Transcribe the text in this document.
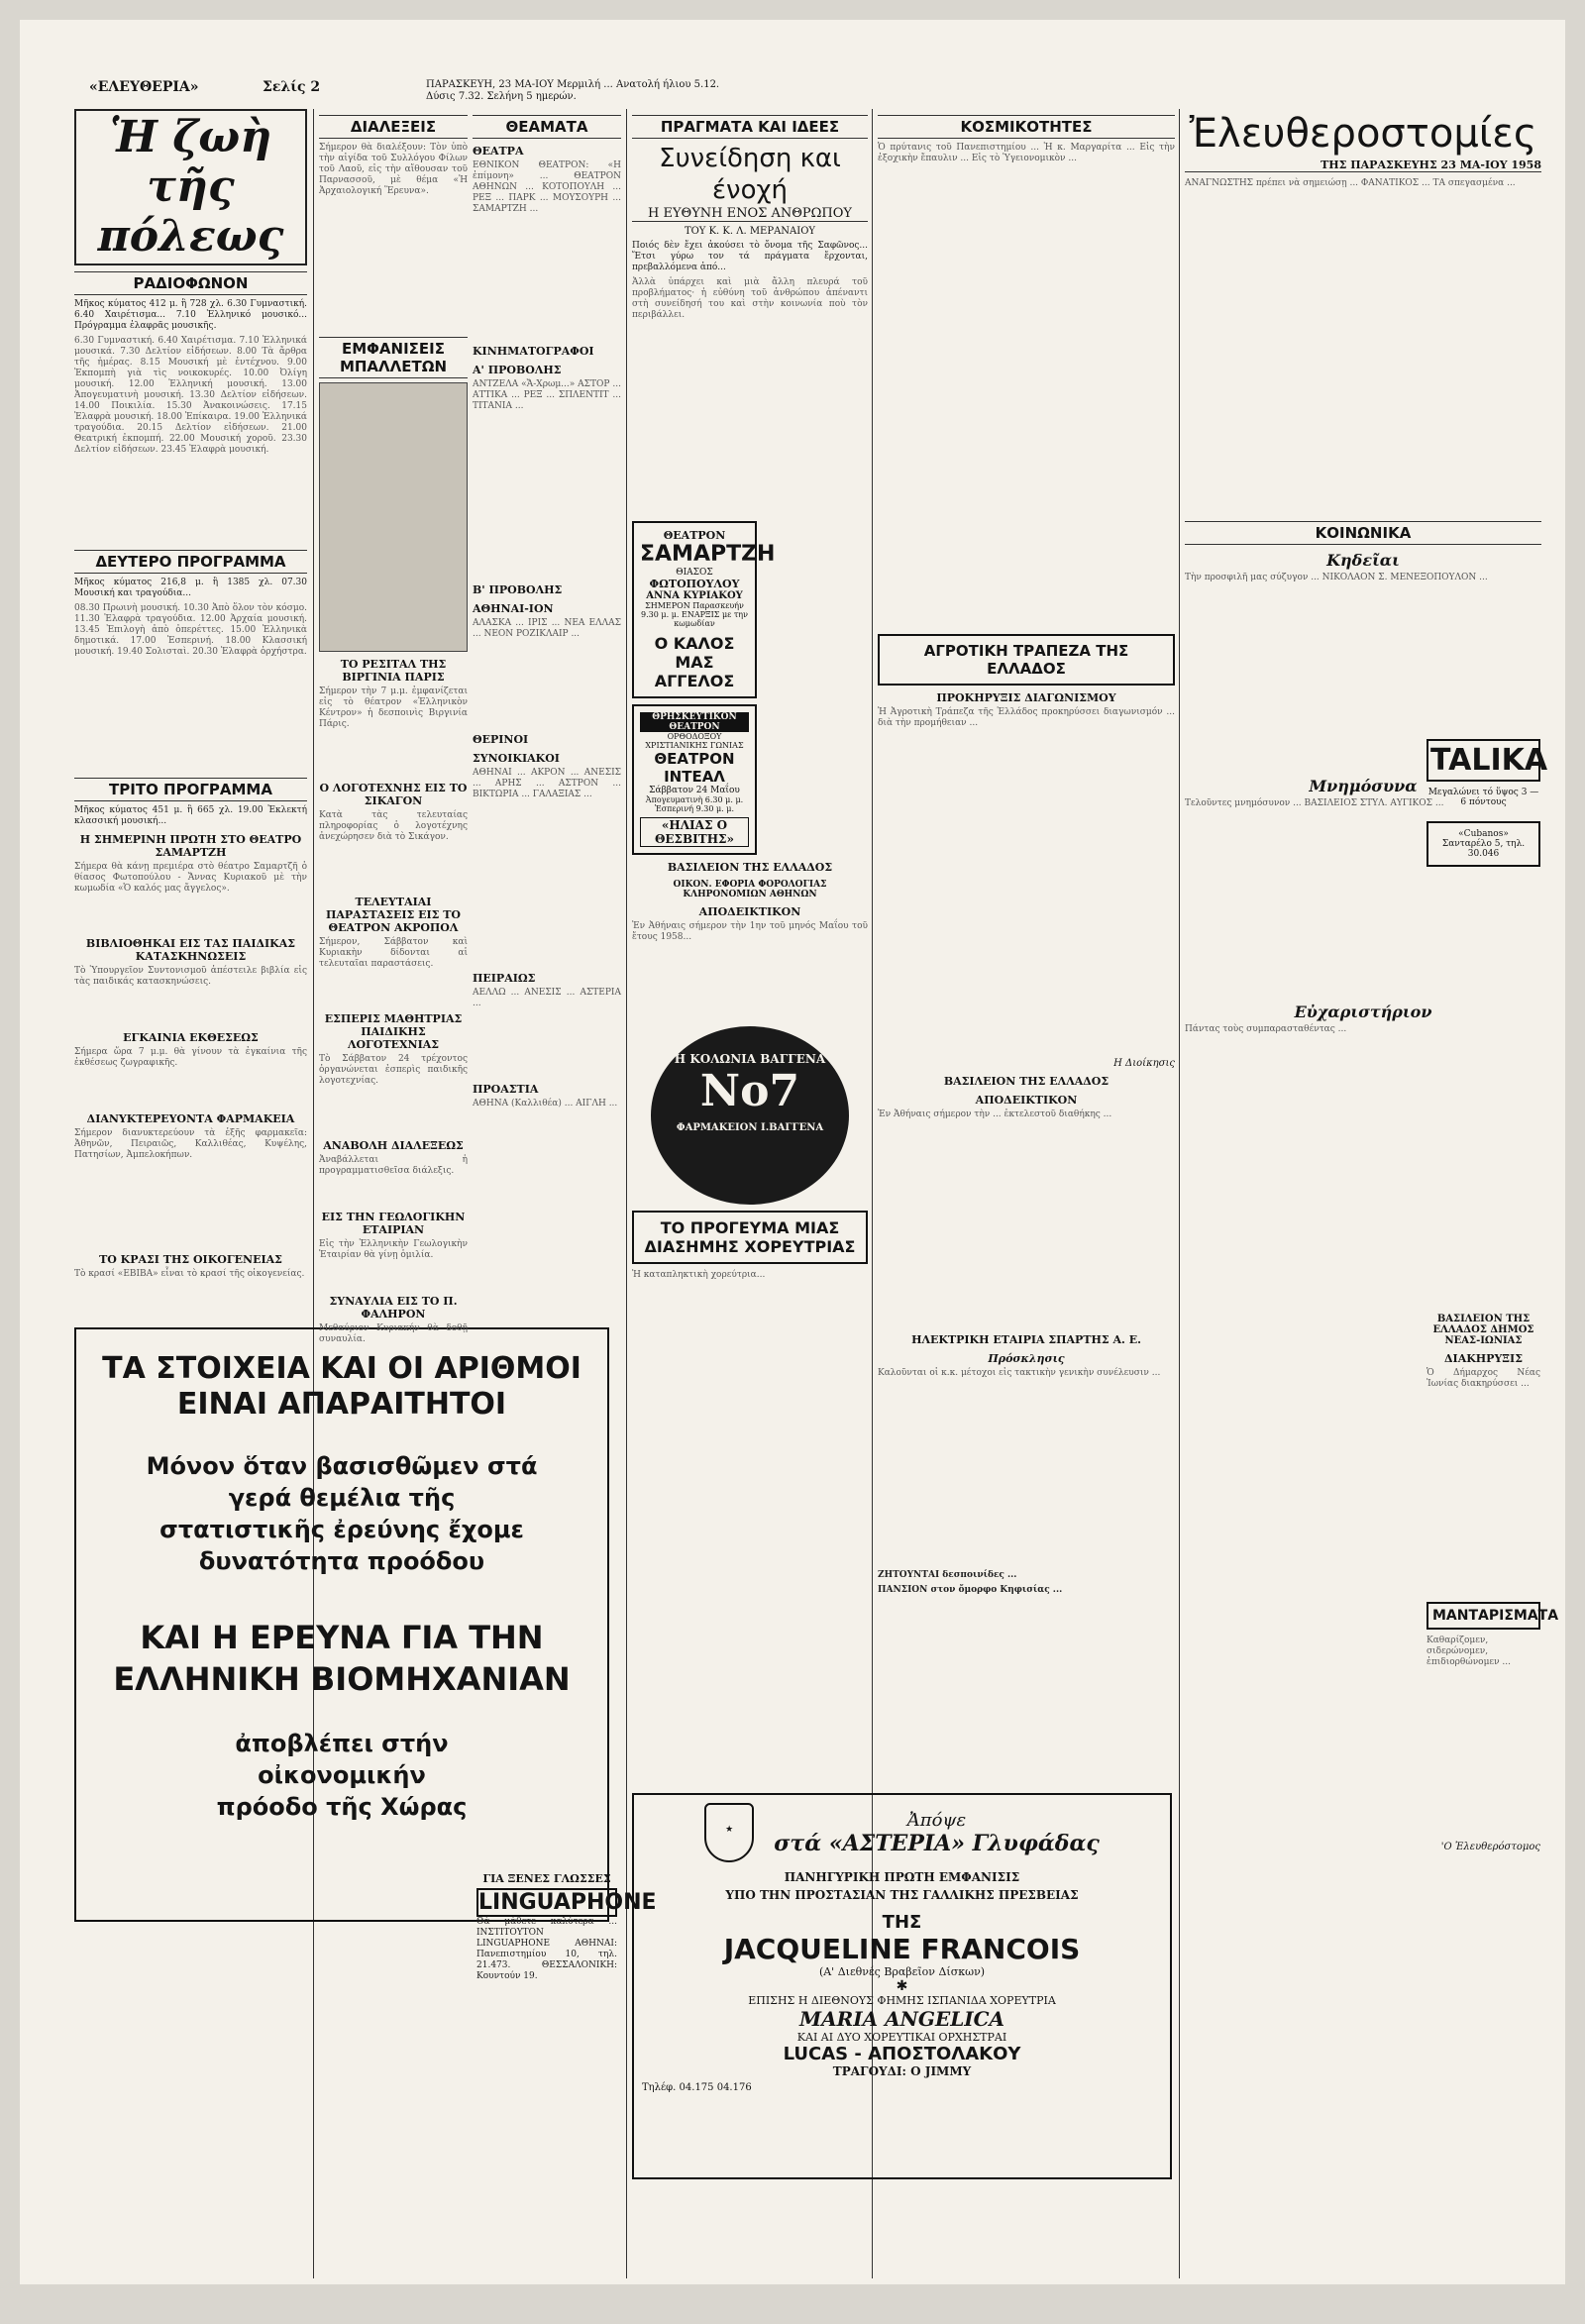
«ΕΛΕΥΘΕΡΙΑ»	Σελίς 2	ΠΑΡΑΣΚΕΥΗ, 23 ΜΑ-ΙΟΥ Μερμιλή ... Ανατολή ήλιου 5.12. Δύσις 7.32. Σελήνη 5 ημερών.
Ἡ ζωὴ τῆς πόλεως
ΡΑΔΙΟΦΩΝΟΝ

Μῆκος κύματος 412 μ. ἢ 728 χλ. 6.30 Γυμναστική. 6.40 Χαιρέτισμα... 7.10 Ἑλληνικό μουσικό... Πρόγραμμα ἐλαφρᾶς μουσικῆς.

6.30 Γυμναστική. 6.40 Χαιρέτισμα. 7.10 Ἑλληνικά μουσικά. 7.30 Δελτίον εἰδήσεων. 8.00 Τὰ ἄρθρα τῆς ἡμέρας. 8.15 Μουσική μὲ ἐντέχνου. 9.00 Ἐκπομπὴ γιὰ τὶς νοικοκυρές. 10.00 Ὀλίγη μουσική. 12.00 Ἑλληνική μουσική. 13.00 Ἀπογευματινὴ μουσική. 13.30 Δελτίον εἰδήσεων. 14.00 Ποικιλία. 15.30 Ἀνακοινώσεις. 17.15 Ἐλαφρὰ μουσική. 18.00 Ἐπίκαιρα. 19.00 Ἑλληνικά τραγούδια. 20.15 Δελτίον εἰδήσεων. 21.00 Θεατρική ἐκπομπή. 22.00 Μουσική χοροῦ. 23.30 Δελτίον εἰδήσεων. 23.45 Ἐλαφρὰ μουσική.

ΔΕΥΤΕΡΟ ΠΡΟΓΡΑΜΜΑ

Μῆκος κύματος 216,8 μ. ἢ 1385 χλ. 07.30 Μουσική και τραγούδια...

08.30 Πρωινὴ μουσική. 10.30 Ἀπὸ ὅλον τὸν κόσμο. 11.30 Ἐλαφρὰ τραγούδια. 12.00 Ἀρχαία μουσική. 13.45 Ἐπιλογὴ ἀπὸ ὀπερέττες. 15.00 Ἑλληνικὰ δημοτικά. 17.00 Ἐσπερινή. 18.00 Κλασσική μουσική. 19.40 Σολισταὶ. 20.30 Ἐλαφρὰ ὀρχήστρα.

ΤΡΙΤΟ ΠΡΟΓΡΑΜΜΑ

Μῆκος κύματος 451 μ. ἢ 665 χλ. 19.00 Ἐκλεκτή κλασσική μουσική...

Η ΣΗΜΕΡΙΝΗ ΠΡΩΤΗ ΣΤΟ ΘΕΑΤΡΟ ΣΑΜΑΡΤΖΗ

Σήμερα θὰ κάνῃ πρεμιέρα στὸ θέατρο Σαμαρτζῆ ὁ θίασος Φωτοπούλου - Ἄννας Κυριακοῦ μὲ τὴν κωμωδία «Ὁ καλός μας ἄγγελος».

ΒΙΒΛΙΟΘΗΚΑΙ ΕΙΣ ΤΑΣ ΠΑΙΔΙΚΑΣ ΚΑΤΑΣΚΗΝΩΣΕΙΣ

Τὸ Ὑπουργεῖον Συντονισμοῦ ἀπέστειλε βιβλία εἰς τὰς παιδικάς κατασκηνώσεις.

ΕΓΚΑΙΝΙΑ ΕΚΘΕΣΕΩΣ

Σήμερα ὥρα 7 μ.μ. θὰ γίνουν τὰ ἐγκαίνια τῆς ἐκθέσεως ζωγραφικῆς.

ΔΙΑΝΥΚΤΕΡΕΥΟΝΤΑ ΦΑΡΜΑΚΕΙΑ

Σήμερον διανυκτερεύουν τὰ ἑξῆς φαρμακεῖα: Ἀθηνῶν, Πειραιῶς, Καλλιθέας, Κυψέλης, Πατησίων, Ἀμπελοκήπων.

ΤΟ ΚΡΑΣΙ ΤΗΣ ΟΙΚΟΓΕΝΕΙΑΣ

Τὸ κρασί «ΕΒΙΒΑ» εἶναι τὸ κρασί τῆς οἰκογενείας.

ΤΑ ΣΤΟΙΧΕΙΑ ΚΑΙ ΟΙ ΑΡΙΘΜΟΙ
ΕΙΝΑΙ ΑΠΑΡΑΙΤΗΤΟΙ
Μόνον ὅταν βασισθῶμεν στά γερά θεμέλια τῆς στατιστικῆς ἐρεύνης ἔχομε δυνατότητα προόδου
ΚΑΙ Η ΕΡΕΥΝΑ ΓΙΑ ΤΗΝ
ΕΛΛΗΝΙΚΗ ΒΙΟΜΗΧΑΝΙΑΝ
ἀποβλέπει στήν οἰκονομικήν πρόοδο τῆς Χώρας
ΔΙΑΛΕΞΕΙΣ

Σήμερον θὰ διαλέξουν: Τὸν ὑπὸ τὴν αἰγίδα τοῦ Συλλόγου Φίλων τοῦ Λαοῦ, εἰς τὴν αἴθουσαν τοῦ Παρνασσοῦ, μὲ θέμα «Ἡ Ἀρχαιολογική Ἕρευνα».

ΕΜΦΑΝΙΣΕΙΣ ΜΠΑΛΛΕΤΩΝ
ΤΟ ΡΕΣΙΤΑΛ ΤΗΣ ΒΙΡΓΙΝΙΑ ΠΑΡΙΣ

Σήμερον τὴν 7 μ.μ. ἐμφανίζεται εἰς τὸ θέατρον «Ἑλληνικὸν Κέντρον» ἡ δεσποινὶς Βιργινία Πάρις.

Ο ΛΟΓΟΤΕΧΝΗΣ ΕΙΣ ΤΟ ΣΙΚΑΓΟΝ

Κατὰ τὰς τελευταίας πληροφορίας ὁ λογοτέχνης ἀνεχώρησεν διὰ τὸ Σικάγον.

ΤΕΛΕΥΤΑΙΑΙ ΠΑΡΑΣΤΑΣΕΙΣ ΕΙΣ ΤΟ ΘΕΑΤΡΟΝ ΑΚΡΟΠΟΛ

Σήμερον, Σάββατον καὶ Κυριακὴν δίδονται αἱ τελευταῖαι παραστάσεις.

ΕΣΠΕΡΙΣ ΜΑΘΗΤΡΙΑΣ ΠΑΙΔΙΚΗΣ ΛΟΓΟΤΕΧΝΙΑΣ

Τὸ Σάββατον 24 τρέχοντος ὀργανώνεται ἐσπερὶς παιδικῆς λογοτεχνίας.

ΑΝΑΒΟΛΗ ΔΙΑΛΕΞΕΩΣ

Ἀναβάλλεται ἡ προγραμματισθεῖσα διάλεξις.

ΕΙΣ ΤΗΝ ΓΕΩΛΟΓΙΚΗΝ ΕΤΑΙΡΙΑΝ

Εἰς τὴν Ἑλληνικὴν Γεωλογικὴν Ἑταιρίαν θὰ γίνῃ ὁμιλία.

ΣΥΝΑΥΛΙΑ ΕΙΣ ΤΟ Π. ΦΑΛΗΡΟΝ

Μεθαύριον Κυριακήν θὰ δοθῇ συναυλία.

ΘΕΑΜΑΤΑ
ΘΕΑΤΡΑ

ΕΘΝΙΚΟΝ ΘΕΑΤΡΟΝ: «Η ἐπίμονη» ... ΘΕΑΤΡΟΝ ΑΘΗΝΩΝ ... ΚΟΤΟΠΟΥΛΗ ... ΡΕΞ ... ΠΑΡΚ ... ΜΟΥΣΟΥΡΗ ... ΣΑΜΑΡΤΖΗ ...

ΚΙΝΗΜΑΤΟΓΡΑΦΟΙ
Α' ΠΡΟΒΟΛΗΣ

ΑΝΤΖΕΛΑ «Ἄ-Χρωμ...» ΑΣΤΟΡ ... ΑΤΤΙΚΑ ... ΡΕΞ ... ΣΠΛΕΝΤΙΤ ... ΤΙΤΑΝΙΑ ...

Β' ΠΡΟΒΟΛΗΣ
ΑΘΗΝΑΙ-ΙΟΝ

ΑΛΑΣΚΑ ... ΙΡΙΣ ... ΝΕΑ ΕΛΛΑΣ ... ΝΕΟΝ ΡΟΖΙΚΛΑΙΡ ...

ΘΕΡΙΝΟΙ
ΣΥΝΟΙΚΙΑΚΟΙ

ΑΘΗΝΑΙ ... ΑΚΡΟΝ ... ΑΝΕΣΙΣ ... ΑΡΗΣ ... ΑΣΤΡΟΝ ... ΒΙΚΤΩΡΙΑ ... ΓΑΛΑΞΙΑΣ ...

ΠΕΙΡΑΙΩΣ

ΑΕΛΛΩ ... ΑΝΕΣΙΣ ... ΑΣΤΕΡΙΑ ...

ΠΡΟΑΣΤΙΑ

ΑΘΗΝΑ (Καλλιθέα) ... ΑΙΓΛΗ ...

ΓΙΑ ΞΕΝΕΣ ΓΛΩΣΣΕΣ
LINGUAPHONE

Θά μάθετε καλύτερα ... ΙΝΣΤΙΤΟΥΤΟΝ LINGUAPHONE ΑΘΗΝΑΙ: Πανεπιστημίου 10, τηλ. 21.473. ΘΕΣΣΑΛΟΝΙΚΗ: Κουντούν 19.

ΠΡΑΓΜΑΤΑ ΚΑΙ ΙΔΕΕΣ
Συνείδηση και ένοχή
Η ΕΥΘΥΝΗ ΕΝΟΣ ΑΝΘΡΩΠΟΥ
ΤΟΥ Κ. Κ. Λ. ΜΕΡΑΝΑΙΟΥ

Ποιός δὲν ἔχει ἀκούσει τὸ ὄνομα τῆς Σαφῶνος... Ἔτσι γύρω τον τά πράγματα ἔρχονται, πρεβαλλόμενα ἀπό...

Ἀλλὰ ὑπάρχει καὶ μιὰ ἄλλη πλευρά τοῦ προβλήματος· ἡ εὐθύνη τοῦ ἀνθρώπου ἀπέναντι στὴ συνείδησή του καὶ στὴν κοινωνία ποὺ τὸν περιβάλλει.

ΘΕΑΤΡΟΝ
ΣΑΜΑΡΤΖΗ
ΘΙΑΣΟΣ
ΦΩΤΟΠΟΥΛΟΥ
ΑΝΝΑ ΚΥΡΙΑΚΟΥ
ΣΗΜΕΡΟΝ Παρασκευήν 9.30 μ. μ. ΕΝΑΡΞΙΣ με την κωμωδίαν
Ο ΚΑΛΟΣ ΜΑΣ ΑΓΓΕΛΟΣ
ΘΡΗΣΚΕΥΤΙΚΟΝ ΘΕΑΤΡΟΝ
ΟΡΘΟΔΟΞΟΥ ΧΡΙΣΤΙΑΝΙΚΗΣ ΓΩΝΙΑΣ
ΘΕΑΤΡΟΝ ΙΝΤΕΑΛ
Σάββατον 24 Μαΐου
Ἀπογευματινὴ 6.30 μ. μ. Ἑσπερινή 9.30 μ. μ.
«ΗΛΙΑΣ Ο ΘΕΣΒΙΤΗΣ»
ΒΑΣΙΛΕΙΟΝ ΤΗΣ ΕΛΛΑΔΟΣ
ΟΙΚΟΝ. ΕΦΟΡΙΑ ΦΟΡΟΛΟΓΙΑΣ ΚΛΗΡΟΝΟΜΙΩΝ ΑΘΗΝΩΝ
ΑΠΟΔΕΙΚΤΙΚΟΝ

Ἐν Ἀθήναις σήμερον τὴν 1ην τοῦ μηνός Μαΐου τοῦ ἔτους 1958...

Η ΚΟΛΩΝΙΑ ΒΑΓΓΕΝΑ
Νο7
ΦΑΡΜΑΚΕΙΟΝ Ι.ΒΑΓΓΕΝΑ
ΤΟ ΠΡΟΓΕΥΜΑ ΜΙΑΣ ΔΙΑΣΗΜΗΣ ΧΟΡΕΥΤΡΙΑΣ

Ἡ καταπληκτικὴ χορεύτρια...

★	Ἀπόψε
στά «ΑΣΤΕΡΙΑ» Γλυφάδας
ΠΑΝΗΓΥΡΙΚΗ ΠΡΩΤΗ ΕΜΦΑΝΙΣΙΣ
ΥΠΟ ΤΗΝ ΠΡΟΣΤΑΣΙΑΝ ΤΗΣ ΓΑΛΛΙΚΗΣ ΠΡΕΣΒΕΙΑΣ
ΤΗΣ
JACQUELINE FRANCOIS
(Α' Διεθνές Βραβεῖον Δίσκων)
✱
ΕΠΙΣΗΣ Η ΔΙΕΘΝΟΥΣ ΦΗΜΗΣ ΙΣΠΑΝΙΔΑ ΧΟΡΕΥΤΡΙΑ
MARIA ANGELICA
ΚΑΙ ΑΙ ΔΥΟ ΧΟΡΕΥΤΙΚΑΙ ΟΡΧΗΣΤΡΑΙ
LUCAS - ΑΠΟΣΤΟΛΑΚΟΥ
ΤΡΑΓΟΥΔΙ: Ο JIMMY
Τηλέφ. 04.175 04.176
ΚΟΣΜΙΚΟΤΗΤΕΣ

Ὁ πρύτανις τοῦ Πανεπιστημίου ... Ἡ κ. Μαργαρίτα ... Εἰς τὴν ἐξοχικὴν ἔπαυλιν ... Εἰς τὸ Ὑγειονομικὸν ...

ΑΓΡΟΤΙΚΗ ΤΡΑΠΕΖΑ ΤΗΣ ΕΛΛΑΔΟΣ
ΠΡΟΚΗΡΥΞΙΣ ΔΙΑΓΩΝΙΣΜΟΥ

Ἡ Ἀγροτικὴ Τράπεζα τῆς Ἑλλάδος προκηρύσσει διαγωνισμόν ... διὰ τὴν προμήθειαν ...

Η Διοίκησις
ΒΑΣΙΛΕΙΟΝ ΤΗΣ ΕΛΛΑΔΟΣ
ΑΠΟΔΕΙΚΤΙΚΟΝ

Ἐν Ἀθήναις σήμερον τὴν ... ἐκτελεστοῦ διαθήκης ...

ΗΛΕΚΤΡΙΚΗ ΕΤΑΙΡΙΑ ΣΠΑΡΤΗΣ Α. Ε.
Πρόσκλησις

Καλοῦνται οἱ κ.κ. μέτοχοι εἰς τακτικὴν γενικὴν συνέλευσιν ...

ΖΗΤΟΥΝΤΑΙ δεσποινίδες ...

ΠΑΝΣΙΟΝ στον ὄμορφο Κηφισίας ...

Ἐλευθεροστομίες
ΤΗΣ ΠΑΡΑΣΚΕΥΗΣ 23 ΜΑ-ΙΟΥ 1958

ΑΝΑΓΝΩΣΤΗΣ πρέπει νὰ σημειώσῃ ... ΦΑΝΑΤΙΚΟΣ ... ΤΑ σπεγασμένα ...

ΚΟΙΝΩΝΙΚΑ
Κηδεῖαι

Τὴν προσφιλῆ μας σύζυγον ... ΝΙΚΟΛΑΟΝ Σ. ΜΕΝΕΞΟΠΟΥΛΟΝ ...

Μνημόσυνα

Τελοῦντες μνημόσυνον ... ΒΑΣΙΛΕΙΟΣ ΣΤΥΛ. ΑΥΓΙΚΟΣ ...

Εὐχαριστήριον

Πάντας τοὺς συμπαρασταθέντας ...

TALIKA
Μεγαλώνει τό ὕψος 3 — 6 πόντους
«Cubanos» Σανταρέλο 5, τηλ. 30.046
ΒΑΣΙΛΕΙΟΝ ΤΗΣ ΕΛΛΑΔΟΣ ΔΗΜΟΣ ΝΕΑΣ-ΙΩΝΙΑΣ
ΔΙΑΚΗΡΥΞΙΣ

Ὁ Δήμαρχος Νέας Ἰωνίας διακηρύσσει ...

ΜΑΝΤΑΡΙΣΜΑΤΑ

Καθαρίζομεν, σιδερώνομεν, ἐπιδιορθώνομεν ...

'Ο Ἐλευθερόστομος
